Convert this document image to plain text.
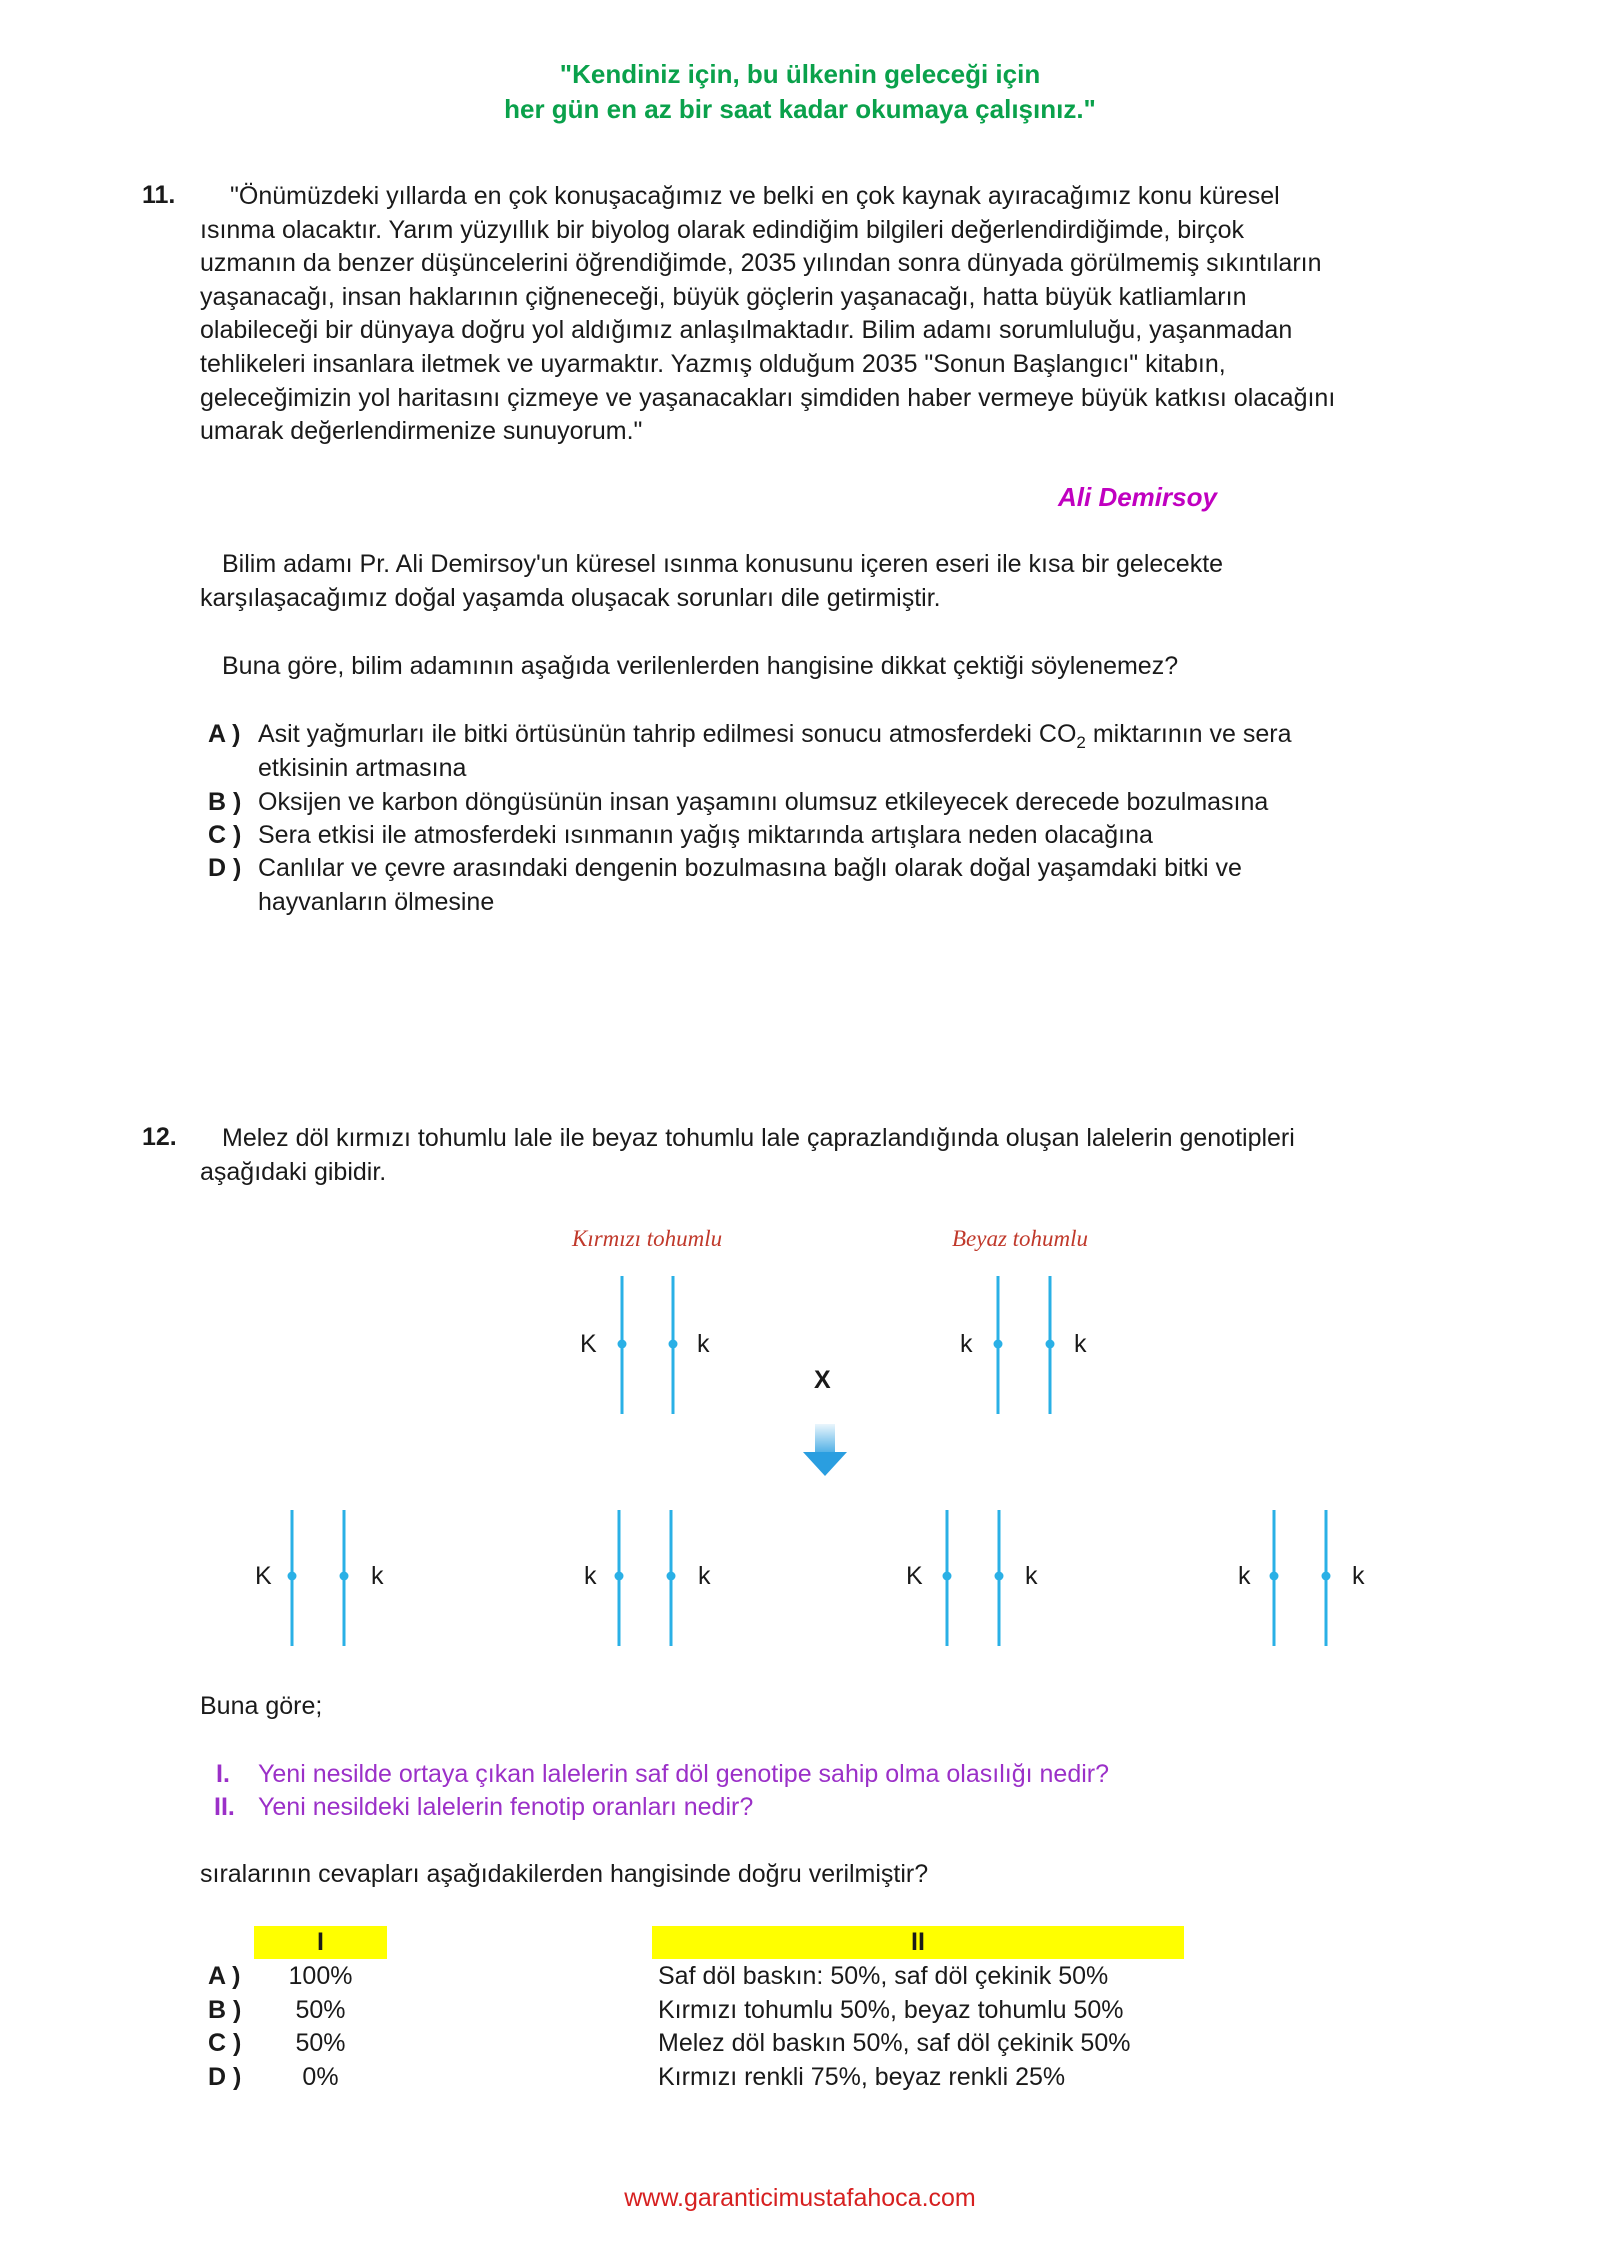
"Kendiniz için, bu ülkenin geleceği için
her gün en az bir saat kadar okumaya çalışınız."
11.	"Önümüzdeki yıllarda en çok konuşacağımız ve belki en çok kaynak ayıracağımız konu küresel
ısınma olacaktır. Yarım yüzyıllık bir biyolog olarak edindiğim bilgileri değerlendirdiğimde, birçok
uzmanın da benzer düşüncelerini öğrendiğimde, 2035 yılından sonra dünyada görülmemiş sıkıntıların
yaşanacağı, insan haklarının çiğneneceği, büyük göçlerin yaşanacağı, hatta büyük katliamların
olabileceği bir dünyaya doğru yol aldığımız anlaşılmaktadır. Bilim adamı sorumluluğu, yaşanmadan
tehlikeleri insanlara iletmek ve uyarmaktır. Yazmış olduğum 2035 "Sonun Başlangıcı" kitabın,
geleceğimizin yol haritasını çizmeye ve yaşanacakları şimdiden haber vermeye büyük katkısı olacağını
umarak değerlendirmenize sunuyorum."
Ali Demirsoy
Bilim adamı Pr. Ali Demirsoy'un küresel ısınma konusunu içeren eseri ile kısa bir gelecekte
karşılaşacağımız doğal yaşamda oluşacak sorunları dile getirmiştir.
Buna göre, bilim adamının aşağıda verilenlerden hangisine dikkat çektiği söylenemez?
A ) Asit yağmurları ile bitki örtüsünün tahrip edilmesi sonucu atmosferdeki $CO_2$ miktarının ve sera
etkisinin artmasına
B ) Oksijen ve karbon döngüsünün insan yaşamını olumsuz etkileyecek derecede bozulmasına
C ) Sera etkisi ile atmosferdeki ısınmanın yağış miktarında artışlara neden olacağına
D ) Canlılar ve çevre arasındaki dengenin bozulmasına bağlı olarak doğal yaşamdaki bitki ve
hayvanların ölmesine
12.	Melez döl kırmızı tohumlu lale ile beyaz tohumlu lale çaprazlandığında oluşan lalelerin genotipleri
aşağıdaki gibidir.
Kırmızı tohumlu	Beyaz tohumlu
K	k	k	k
X
K	k	k	k	K	k	k	k
Buna göre;
I. Yeni nesilde ortaya çıkan lalelerin saf döl genotipe sahip olma olasılığı nedir?
II. Yeni nesildeki lalelerin fenotip oranları nedir?
sıralarının cevapları aşağıdakilerden hangisinde doğru verilmiştir?
I	II
A )	100%	Saf döl baskın: 50%, saf döl çekinik 50%
B )	50%	Kırmızı tohumlu 50%, beyaz tohumlu 50%
C )	50%	Melez döl baskın 50%, saf döl çekinik 50%
D )	0%	Kırmızı renkli 75%, beyaz renkli 25%
www.garanticimustafahoca.com
